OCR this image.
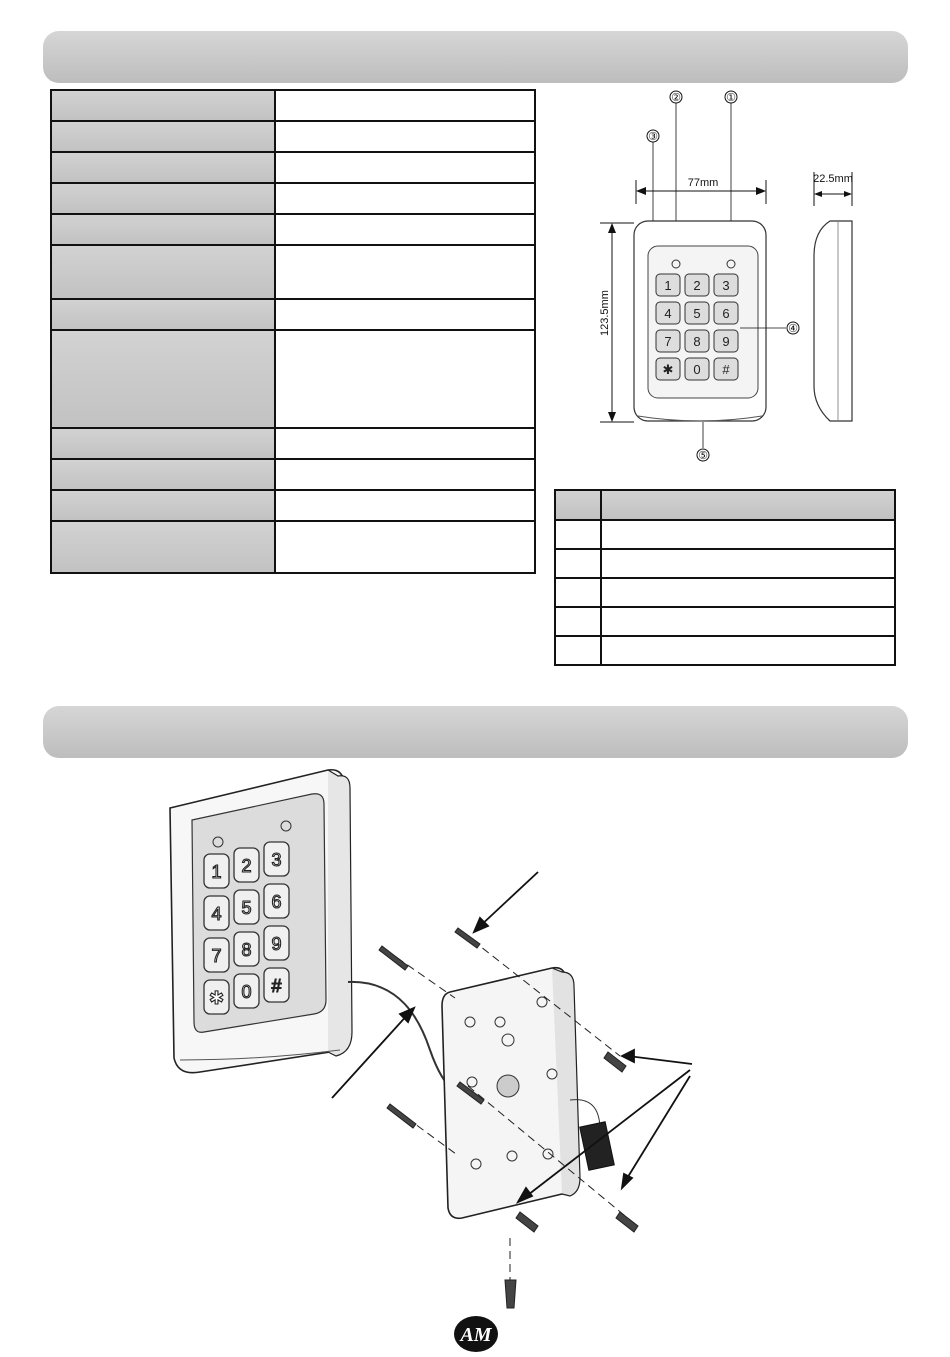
②	①
③
77mm
123.5mm
1 2 3
4 5 6
7 8 9
✱ 0 #
④
⑤
22.5mm

1 2 3
4 5 6
7 8 9
✱ 0 #
AM
